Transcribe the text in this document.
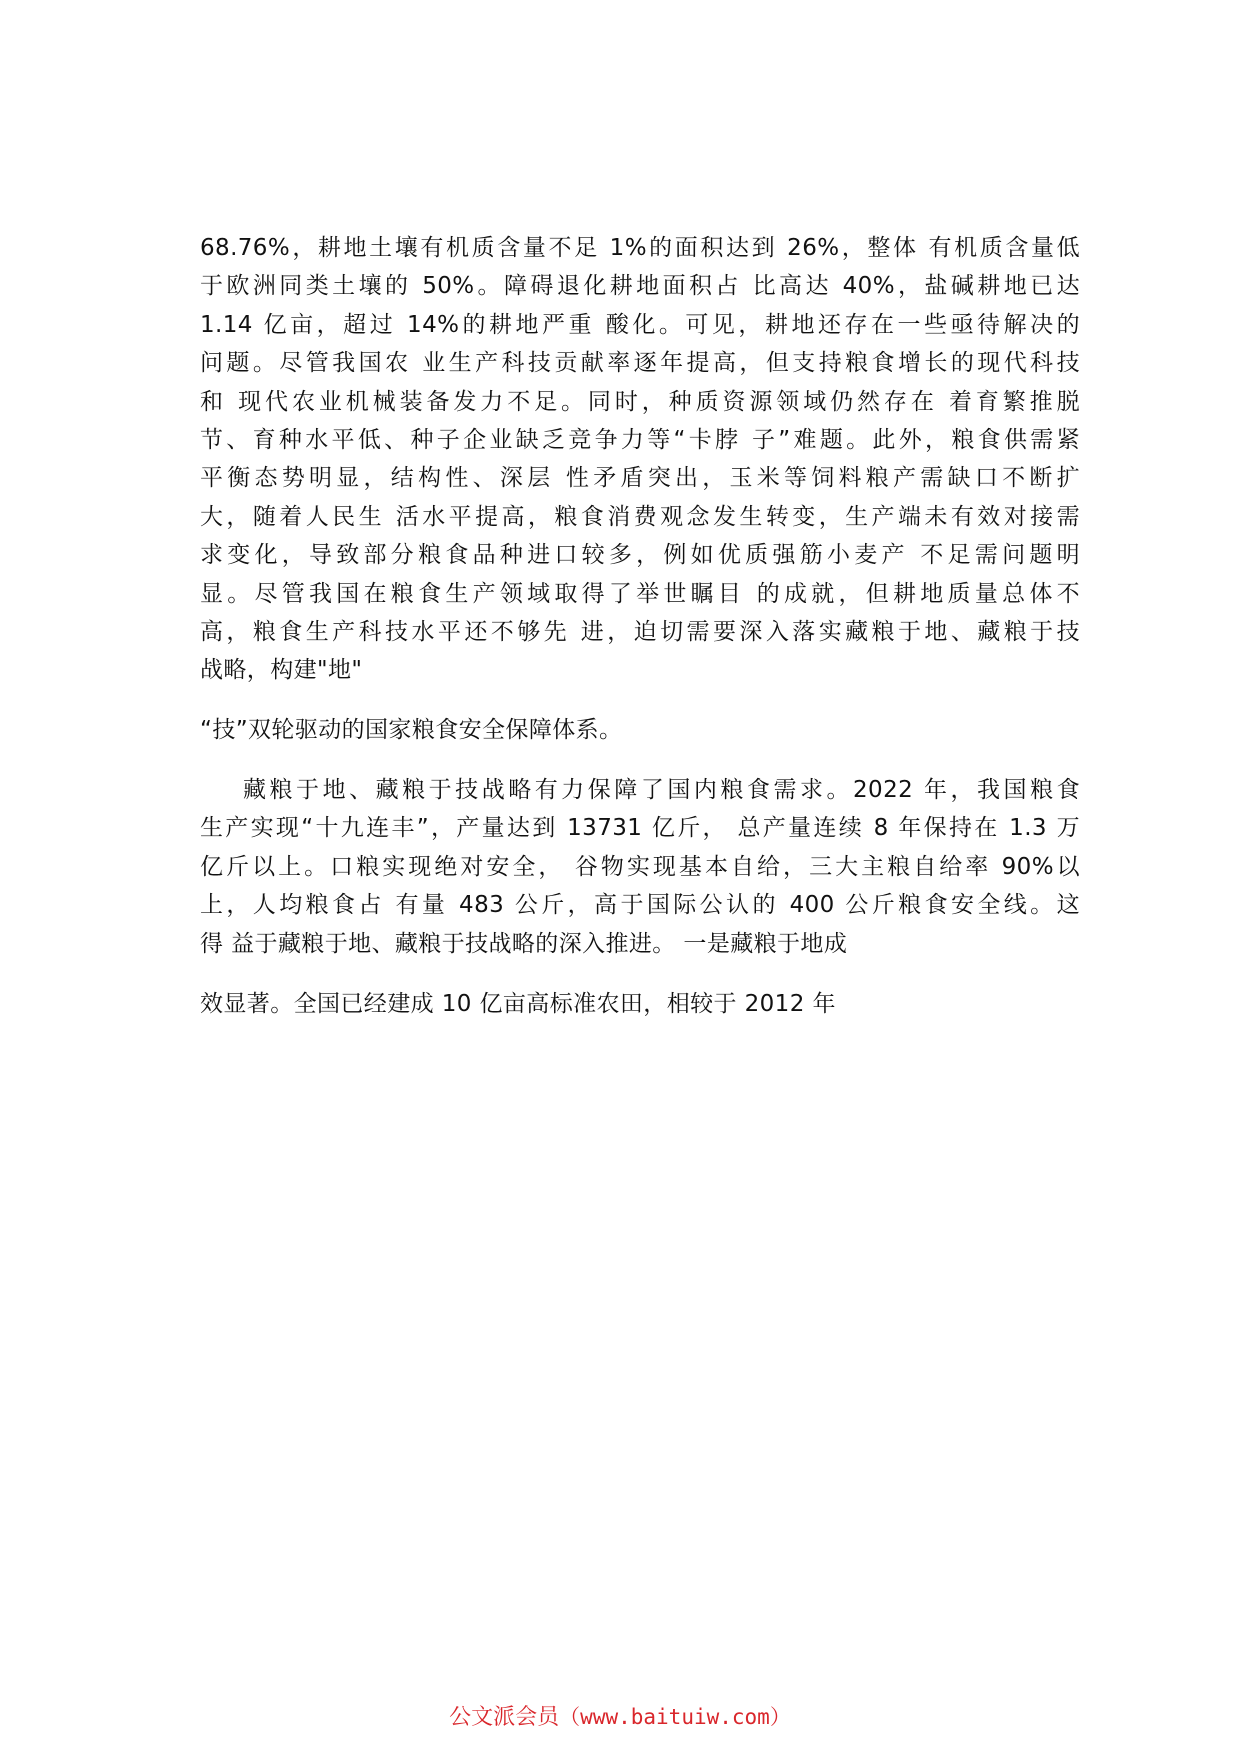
68.76%，耕地土壤有机质含量不足 1%的面积达到 26%，整体 有机质含量低
于欧洲同类土壤的 50%。障碍退化耕地面积占 比高达 40%，盐碱耕地已达
1.14 亿亩，超过 14%的耕地严重 酸化。可见，耕地还存在一些亟待解决的
问题。尽管我国农 业生产科技贡献率逐年提高，但支持粮食增长的现代科技
和 现代农业机械装备发力不足。同时，种质资源领域仍然存在 着育繁推脱
节、育种水平低、种子企业缺乏竞争力等“卡脖 子”难题。此外，粮食供需紧
平衡态势明显，结构性、深层 性矛盾突出，玉米等饲料粮产需缺口不断扩
大，随着人民生 活水平提高，粮食消费观念发生转变，生产端未有效对接需
求变化，导致部分粮食品种进口较多，例如优质强筋小麦产 不足需问题明
显。尽管我国在粮食生产领域取得了举世瞩目 的成就，但耕地质量总体不
高，粮食生产科技水平还不够先 进，迫切需要深入落实藏粮于地、藏粮于技
战略，构建"地"
“技”双轮驱动的国家粮食安全保障体系。
藏粮于地、藏粮于技战略有力保障了国内粮食需求。2022 年，我国粮食
生产实现“十九连丰”，产量达到 13731 亿斤， 总产量连续 8 年保持在 1.3 万
亿斤以上。口粮实现绝对安全， 谷物实现基本自给，三大主粮自给率 90%以
上，人均粮食占 有量 483 公斤，高于国际公认的 400 公斤粮食安全线。这
得 益于藏粮于地、藏粮于技战略的深入推进。 一是藏粮于地成
效显著。全国已经建成 10 亿亩高标准农田，相较于 2012 年
公文派会员（www.baituiw.com）
